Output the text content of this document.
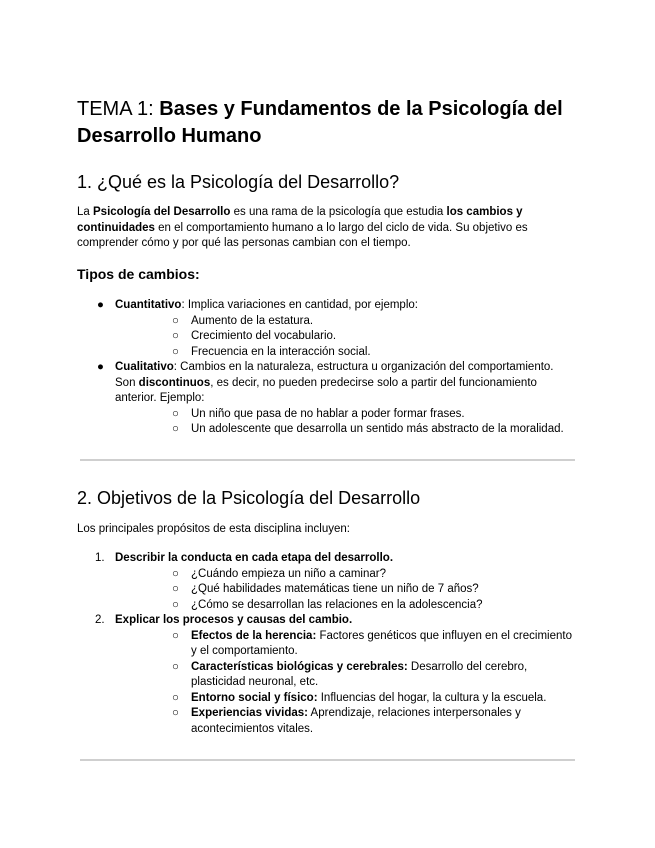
TEMA 1: Bases y Fundamentos de la Psicología del Desarrollo Humano
1. ¿Qué es la Psicología del Desarrollo?

La Psicología del Desarrollo es una rama de la psicología que estudia los cambios y continuidades en el comportamiento humano a lo largo del ciclo de vida. Su objetivo es comprender cómo y por qué las personas cambian con el tiempo.

Tipos de cambios:
● Cuantitativo: Implica variaciones en cantidad, por ejemplo:
○ Aumento de la estatura.
○ Crecimiento del vocabulario.
○ Frecuencia en la interacción social.
● Cualitativo: Cambios en la naturaleza, estructura u organización del comportamiento. Son discontinuos, es decir, no pueden predecirse solo a partir del funcionamiento anterior. Ejemplo:
○ Un niño que pasa de no hablar a poder formar frases.
○ Un adolescente que desarrolla un sentido más abstracto de la moralidad.
2. Objetivos de la Psicología del Desarrollo

Los principales propósitos de esta disciplina incluyen:

1. Describir la conducta en cada etapa del desarrollo.
○ ¿Cuándo empieza un niño a caminar?
○ ¿Qué habilidades matemáticas tiene un niño de 7 años?
○ ¿Cómo se desarrollan las relaciones en la adolescencia?
2. Explicar los procesos y causas del cambio.
○ Efectos de la herencia: Factores genéticos que influyen en el crecimiento y el comportamiento.
○ Características biológicas y cerebrales: Desarrollo del cerebro, plasticidad neuronal, etc.
○ Entorno social y físico: Influencias del hogar, la cultura y la escuela.
○ Experiencias vividas: Aprendizaje, relaciones interpersonales y acontecimientos vitales.
